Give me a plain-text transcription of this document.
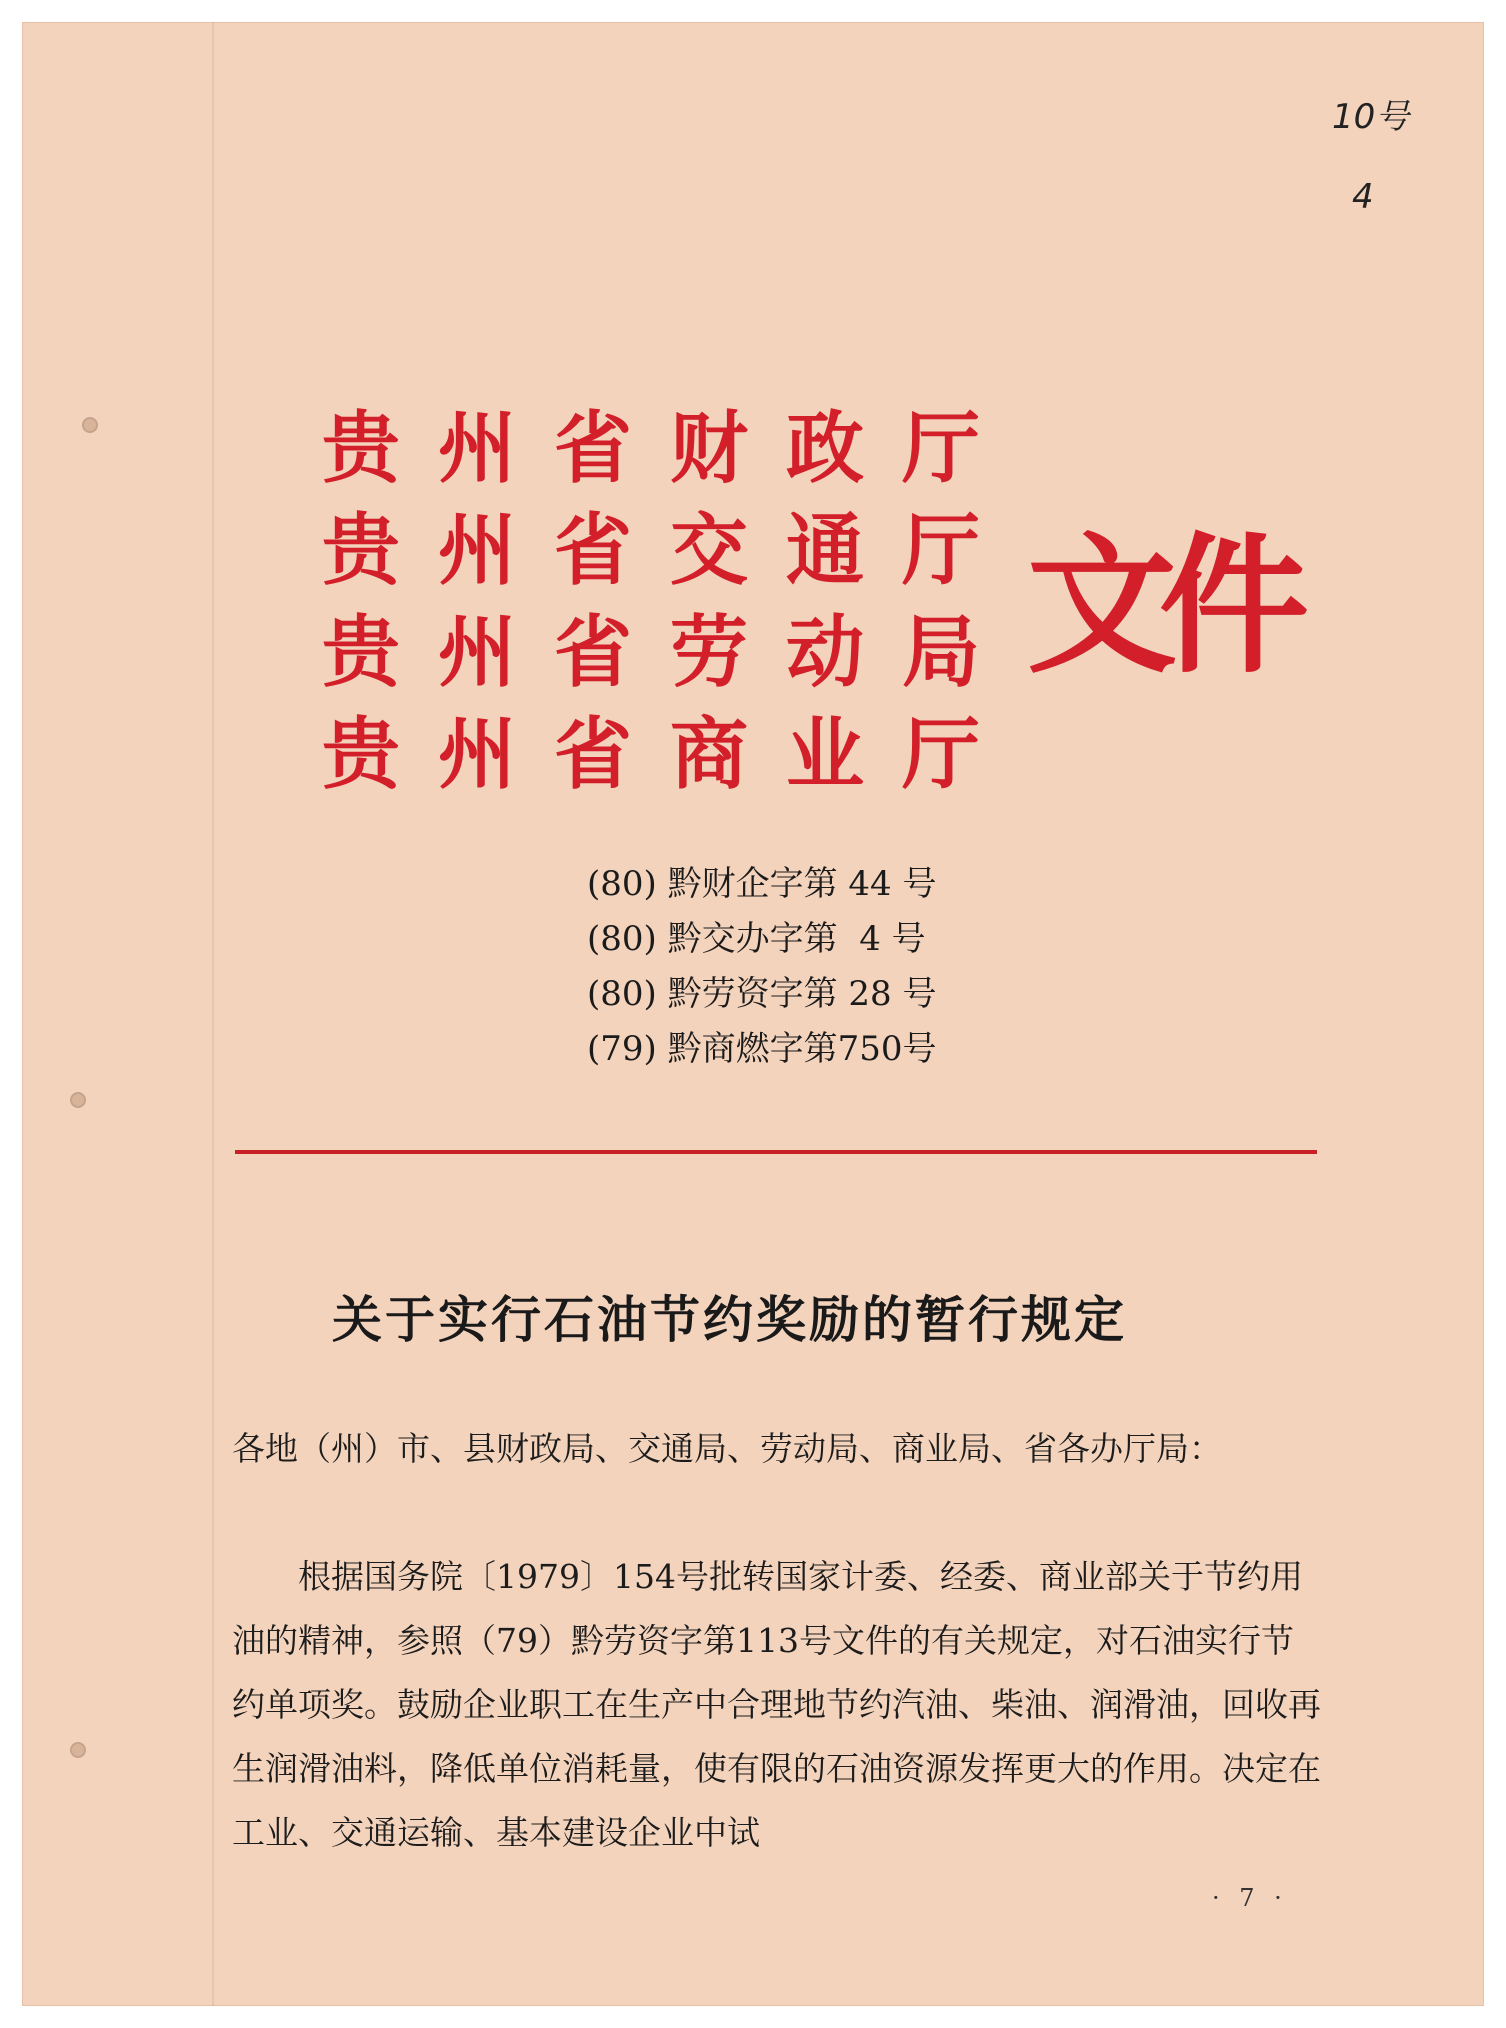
10号
4
贵州省财政厅
贵州省交通厅
贵州省劳动局
贵州省商业厅
文件
(80) 黔财企字第 44 号
(80) 黔交办字第  4 号
(80) 黔劳资字第 28 号
(79) 黔商燃字第750号
关于实行石油节约奖励的暂行规定
各地（州）市、县财政局、交通局、劳动局、商业局、省各办厅局：
根据国务院〔1979〕154号批转国家计委、经委、商业部关于节约用油的精神，参照（79）黔劳资字第113号文件的有关规定，对石油实行节约单项奖。鼓励企业职工在生产中合理地节约汽油、柴油、润滑油，回收再生润滑油料，降低单位消耗量，使有限的石油资源发挥更大的作用。决定在工业、交通运输、基本建设企业中试
· 7 ·
